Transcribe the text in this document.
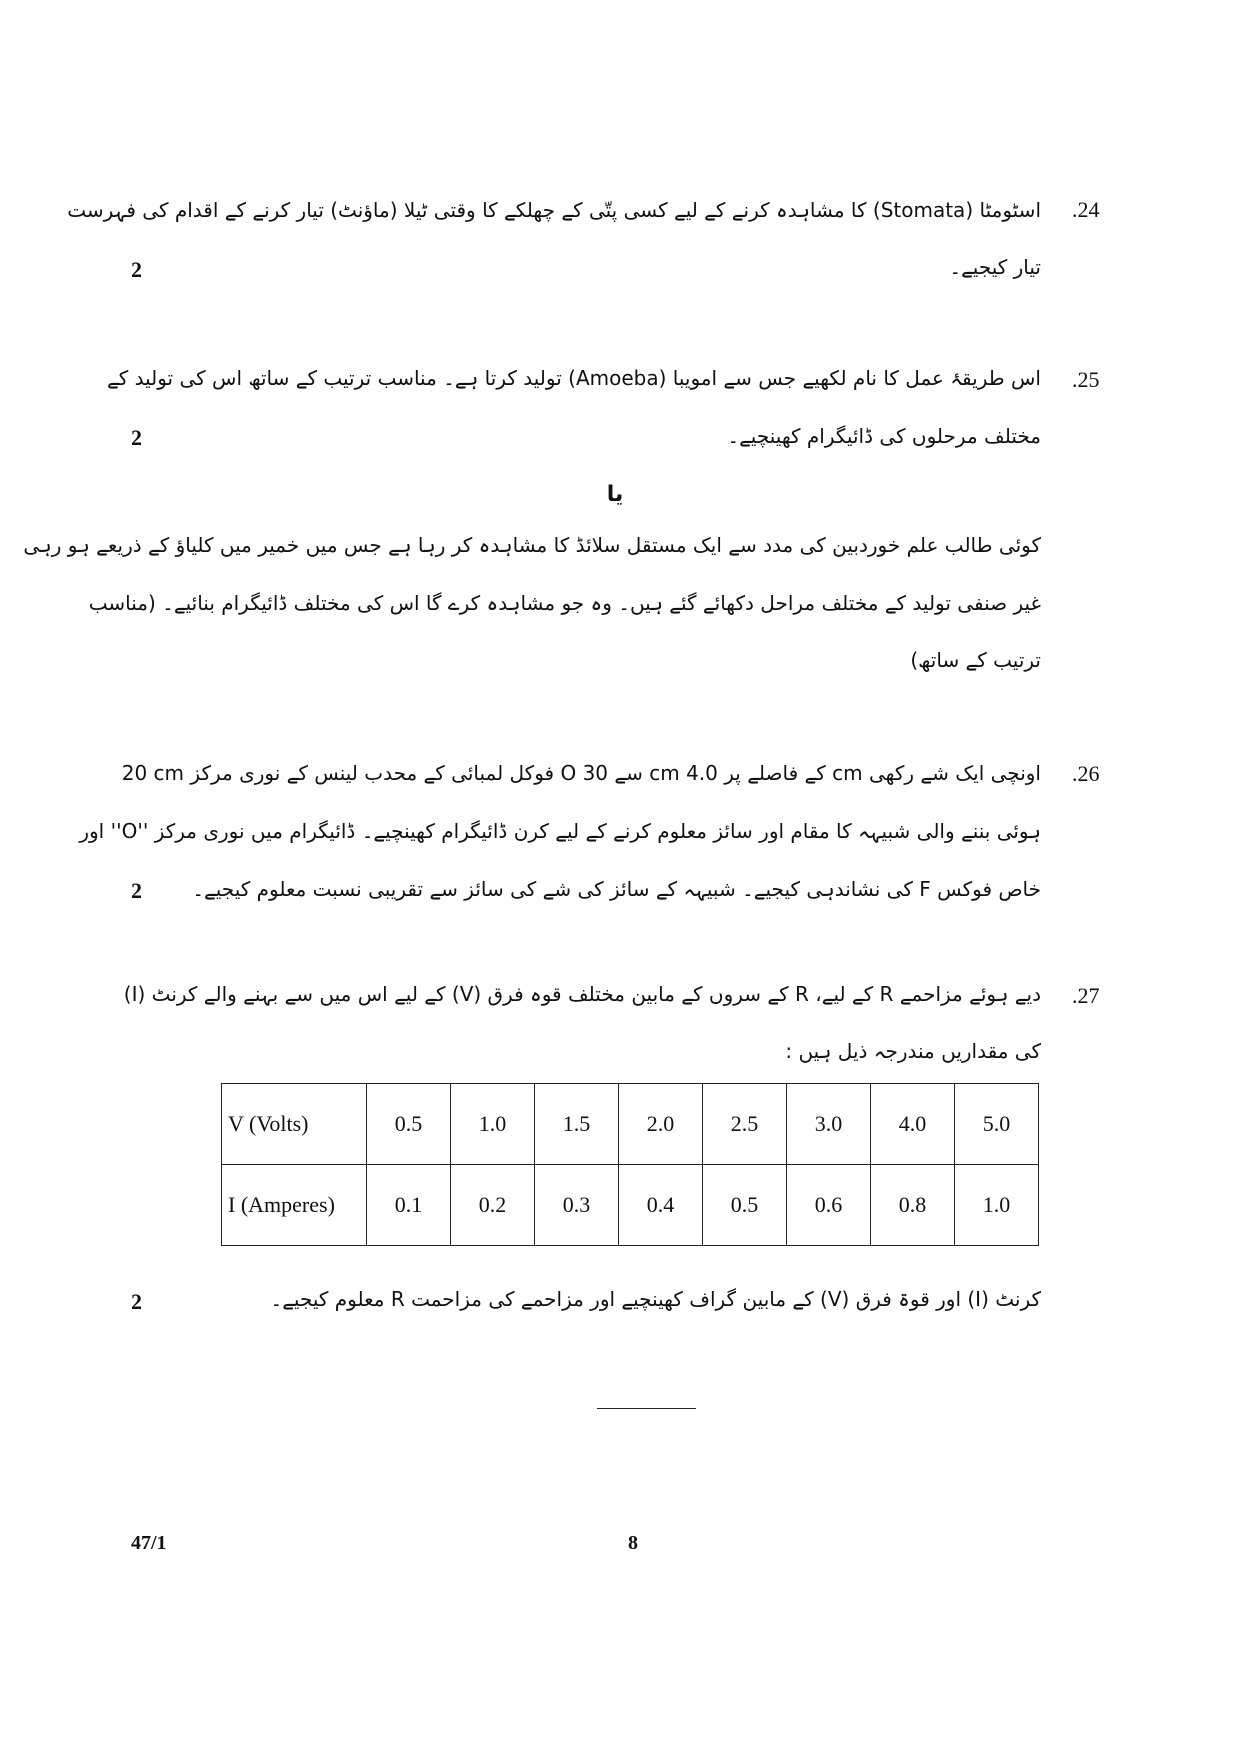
.24
اسٹومٹا (Stomata) کا مشاہدہ کرنے کے لیے کسی پتّی کے چھلکے کا وقتی ٹیلا (ماؤنٹ) تیار کرنے کے اقدام کی فہرست
تیار کیجیے۔
2
.25
اس طریقۂ عمل کا نام لکھیے جس سے امویبا (Amoeba) تولید کرتا ہے۔ مناسب ترتیب کے ساتھ اس کی تولید کے
مختلف مرحلوں کی ڈائیگرام کھینچیے۔
2
یا
کوئی طالب علم خوردبین کی مدد سے ایک مستقل سلائڈ کا مشاہدہ کر رہا ہے جس میں خمیر میں کلیاؤ کے ذریعے ہو رہی
غیر صنفی تولید کے مختلف مراحل دکھائے گئے ہیں۔ وہ جو مشاہدہ کرے گا اس کی مختلف ڈائیگرام بنائیے۔ (مناسب
ترتیب کے ساتھ)
.26
20 cm فوکل لمبائی کے محدب لینس کے نوری مرکز O سے 30 cm کے فاصلے پر 4.0 cm اونچی ایک شے رکھی
ہوئی بننے والی شبیہہ کا مقام اور سائز معلوم کرنے کے لیے کرن ڈائیگرام کھینچیے۔ ڈائیگرام میں نوری مرکز ''O'' اور
خاص فوکس F کی نشاندہی کیجیے۔ شبیہہ کے سائز کی شے کی سائز سے تقریبی نسبت معلوم کیجیے۔
2
.27
دیے ہوئے مزاحمے R کے لیے، R کے سروں کے مابین مختلف قوہ فرق (V) کے لیے اس میں سے بہنے والے کرنٹ (I)
کی مقداریں مندرجہ ذیل ہیں :
V (Volts)	0.5	1.0	1.5	2.0	2.5	3.0	4.0	5.0
I (Amperes)	0.1	0.2	0.3	0.4	0.5	0.6	0.8	1.0
کرنٹ (I) اور قوۃ فرق (V) کے مابین گراف کھینچیے اور مزاحمے کی مزاحمت R معلوم کیجیے۔
2
47/1	8
